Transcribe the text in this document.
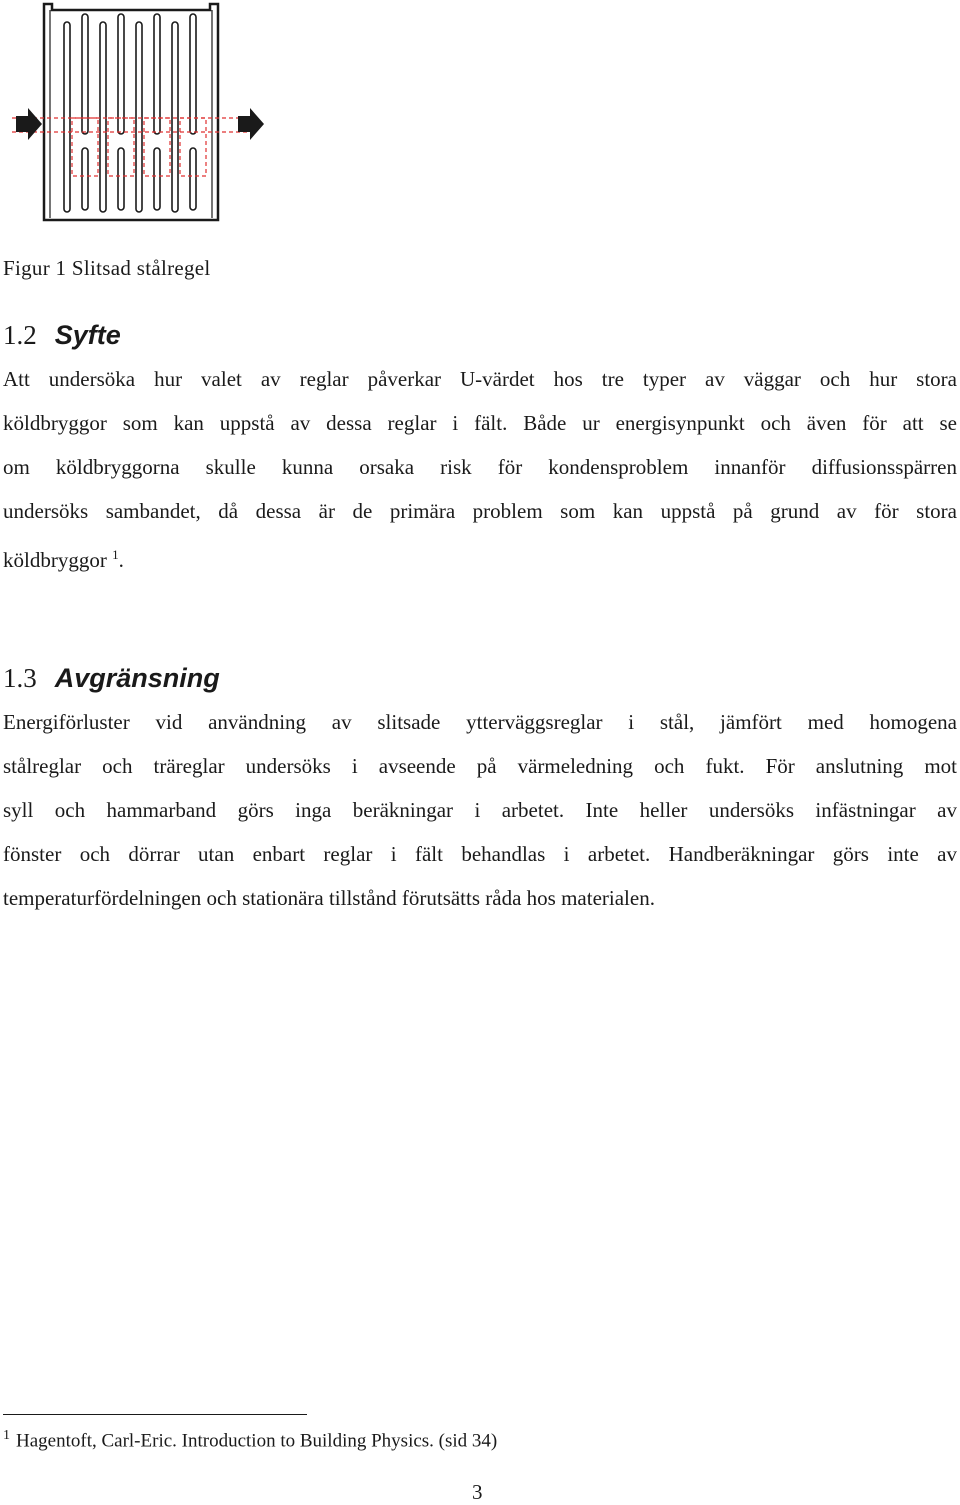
Figur 1 Slitsad stålregel
1.2 Syfte
Att undersöka hur valet av reglar påverkar U-värdet hos tre typer av väggar och hur stora
köldbryggor som kan uppstå av dessa reglar i fält. Både ur energisynpunkt och även för att se
om köldbryggorna skulle kunna orsaka risk för kondensproblem innanför diffusionsspärren
undersöks sambandet, då dessa är de primära problem som kan uppstå på grund av för stora
köldbryggor $^1$.
1.3 Avgränsning
Energiförluster vid användning av slitsade ytterväggsreglar i stål, jämfört med homogena
stålreglar och träreglar undersöks i avseende på värmeledning och fukt. För anslutning mot
syll och hammarband görs inga beräkningar i arbetet. Inte heller undersöks infästningar av
fönster och dörrar utan enbart reglar i fält behandlas i arbetet. Handberäkningar görs inte av
temperaturfördelningen och stationära tillstånd förutsätts råda hos materialen.
$^1$ Hagentoft, Carl-Eric. Introduction to Building Physics. (sid 34)
3
